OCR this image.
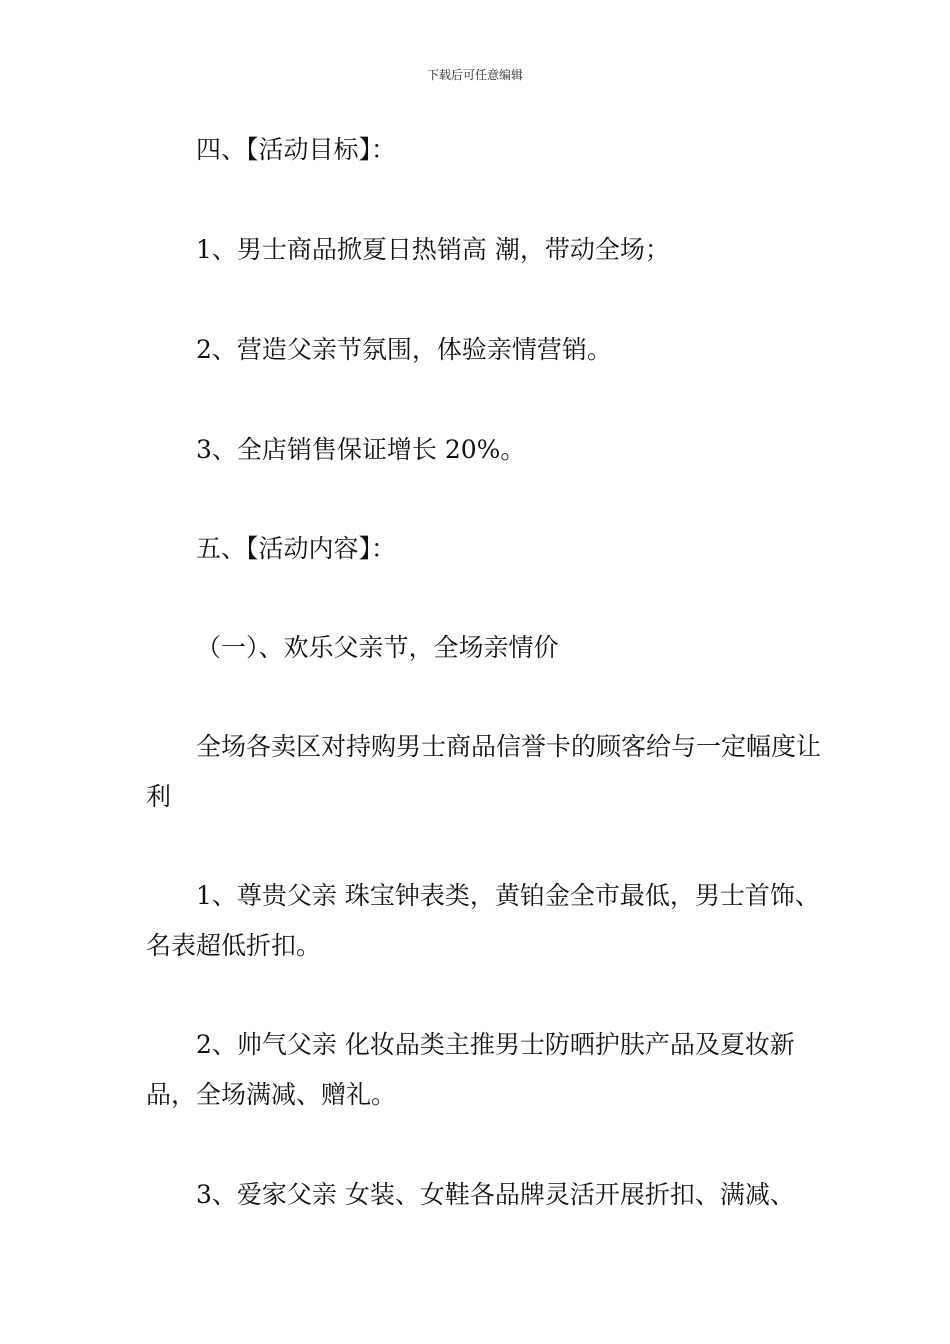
下载后可任意编辑
四、【活动目标】：
1、男士商品掀夏日热销高 潮，带动全场；
2、营造父亲节氛围，体验亲情营销。
3、全店销售保证增长 20%。
五、【活动内容】：
（一）、欢乐父亲节，全场亲情价
全场各卖区对持购男士商品信誉卡的顾客给与一定幅度让利
1、尊贵父亲 珠宝钟表类，黄铂金全市最低，男士首饰、名表超低折扣。
2、帅气父亲 化妆品类主推男士防晒护肤产品及夏妆新品，全场满减、赠礼。
3、爱家父亲 女装、女鞋各品牌灵活开展折扣、满减、
